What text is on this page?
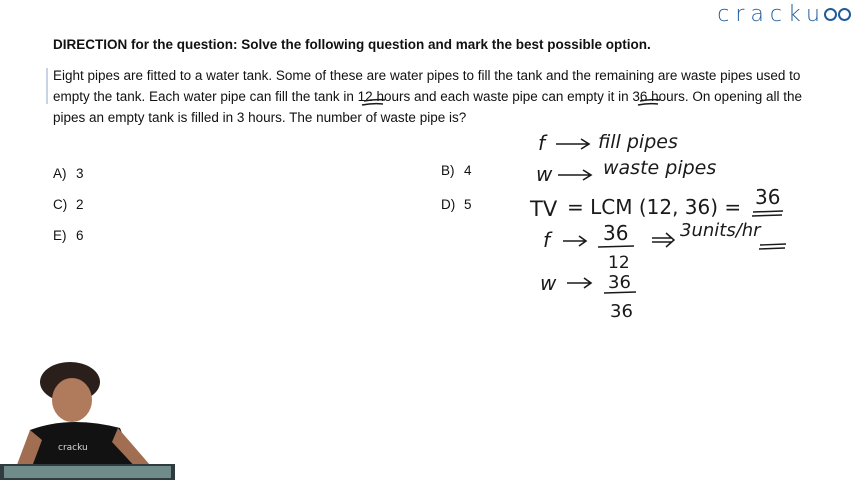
cracku
DIRECTION for the question: Solve the following question and mark the best possible option.
Eight pipes are fitted to a water tank. Some of these are water pipes to fill the tank and the remaining are waste pipes used to empty the tank. Each water pipe can fill the tank in 12 hours and each waste pipe can empty it in 36 hours. On opening all the pipes an empty tank is filled in 3 hours. The number of waste pipe is?
A) 3	B) 4
C) 2	D) 5
E) 6
f	fill pipes
w	waste pipes
TV = LCM (12, 36) = 36
f	36
12
3units/hr
w	36
36
cracku
